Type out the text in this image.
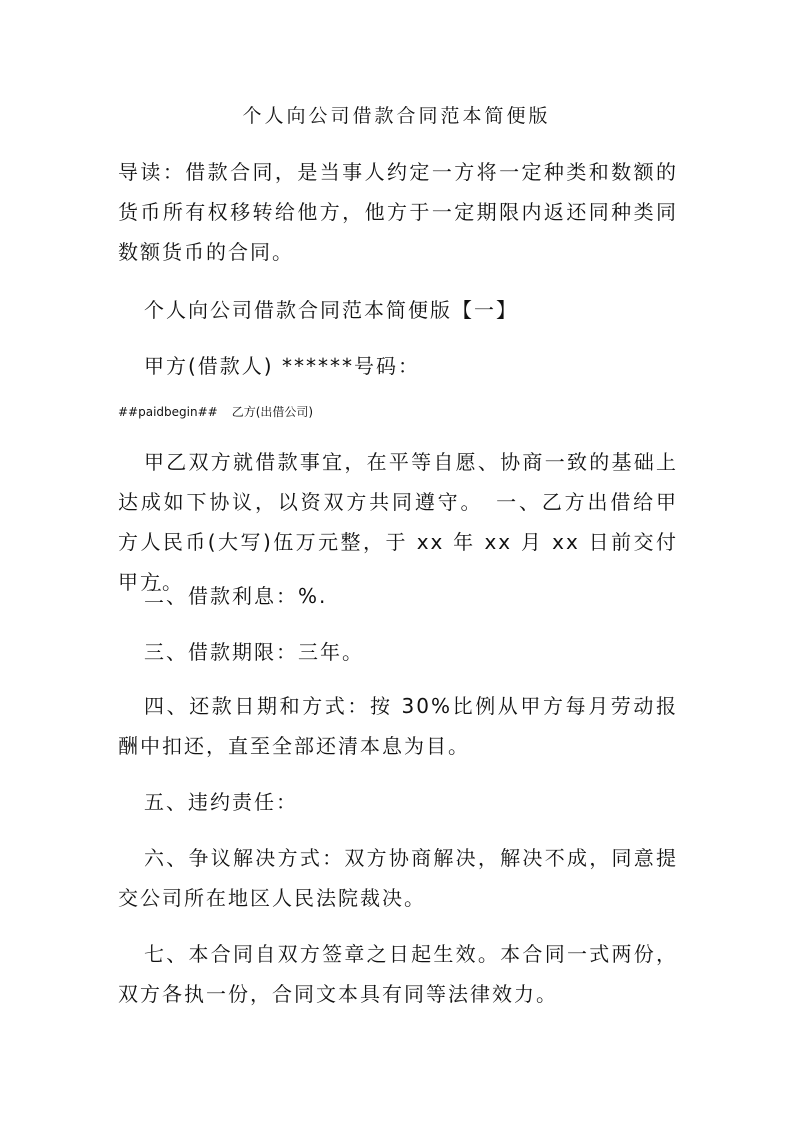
个人向公司借款合同范本简便版
导读：借款合同，是当事人约定一方将一定种类和数额的货币所有权移转给他方，他方于一定期限内返还同种类同数额货币的合同。
个人向公司借款合同范本简便版【一】
甲方(借款人) ******号码：
##paidbegin## 乙方(出借公司)
甲乙双方就借款事宜，在平等自愿、协商一致的基础上达成如下协议，以资双方共同遵守。　一、乙方出借给甲方人民币(大写)伍万元整，于 xx 年 xx 月 xx 日前交付甲方。
二、借款利息：%.
三、借款期限：三年。
四、还款日期和方式：按 30%比例从甲方每月劳动报酬中扣还，直至全部还清本息为目。
五、违约责任：
六、争议解决方式：双方协商解决，解决不成，同意提交公司所在地区人民法院裁决。
七、本合同自双方签章之日起生效。本合同一式两份，双方各执一份，合同文本具有同等法律效力。
